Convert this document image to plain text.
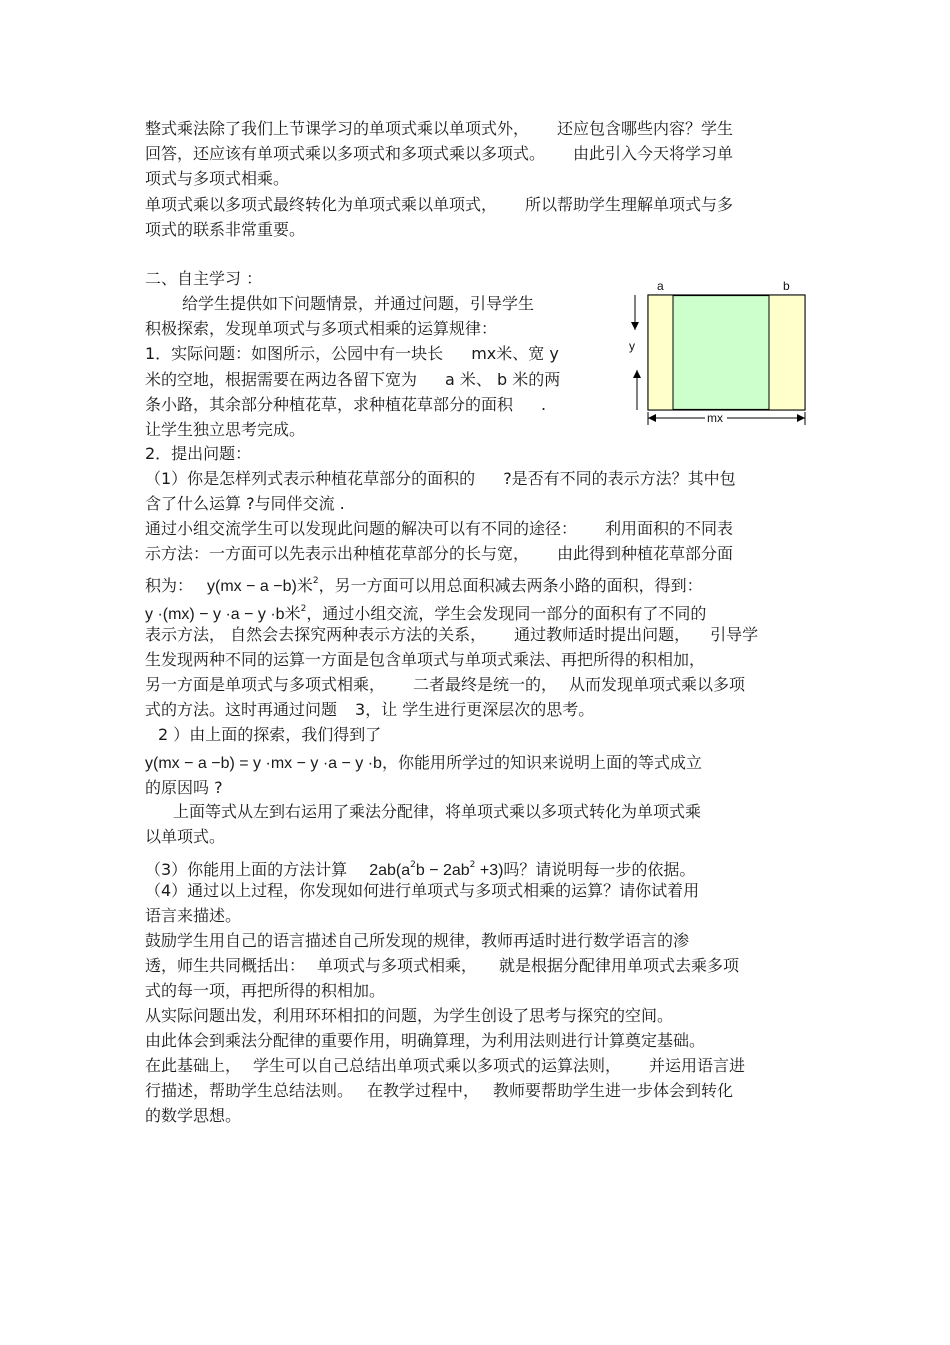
整式乘法除了我们上节课学习的单项式乘以单项式外， 还应包含哪些内容？学生
回答，还应该有单项式乘以多项式和多项式乘以多项式。 由此引入今天将学习单
项式与多项式相乘。
单项式乘以多项式最终转化为单项式乘以单项式， 所以帮助学生理解单项式与多
项式的联系非常重要。
二、自主学习 ：
给学生提供如下问题情景，并通过问题，引导学生
积极探索，发现单项式与多项式相乘的运算规律：
1．实际问题：如图所示，公园中有一块长 mx米、宽 y
米的空地，根据需要在两边各留下宽为 a 米、 b 米的两
条小路，其余部分种植花草，求种植花草部分的面积 .
让学生独立思考完成。
a	b
y
mx
2．提出问题：
（1）你是怎样列式表示种植花草部分的面积的 ?是否有不同的表示方法？其中包
含了什么运算 ?与同伴交流 .
通过小组交流学生可以发现此问题的解决可以有不同的途径： 利用面积的不同表
示方法：一方面可以先表示出种植花草部分的长与宽， 由此得到种植花草部分面
积为： y(mx − a −b)米$^2$，另一方面可以用总面积减去两条小路的面积，得到：
y ·(mx) − y ·a − y ·b米$^2$，通过小组交流，学生会发现同一部分的面积有了不同的
表示方法， 自然会去探究两种表示方法的关系， 通过教师适时提出问题， 引导学
生发现两种不同的运算一方面是包含单项式与单项式乘法、再把所得的积相加，
另一方面是单项式与多项式相乘， 二者最终是统一的， 从而发现单项式乘以多项
式的方法。这时再通过问题 3，让 学生进行更深层次的思考。
2 ）由上面的探索，我们得到了
y(mx − a −b) = y ·mx − y ·a − y ·b，你能用所学过的知识来说明上面的等式成立
的原因吗 ?
上面等式从左到右运用了乘法分配律，将单项式乘以多项式转化为单项式乘
以单项式。
（3）你能用上面的方法计算 $2ab(a^2b - 2ab^2 +3)$吗？请说明每一步的依据。
（4）通过以上过程，你发现如何进行单项式与多项式相乘的运算？请你试着用
语言来描述。
鼓励学生用自己的语言描述自己所发现的规律，教师再适时进行数学语言的渗
透，师生共同概括出： 单项式与多项式相乘， 就是根据分配律用单项式去乘多项
式的每一项，再把所得的积相加。
从实际问题出发，利用环环相扣的问题，为学生创设了思考与探究的空间。
由此体会到乘法分配律的重要作用，明确算理，为利用法则进行计算奠定基础。
在此基础上， 学生可以自己总结出单项式乘以多项式的运算法则， 并运用语言进
行描述，帮助学生总结法则。 在教学过程中， 教师要帮助学生进一步体会到转化
的数学思想。
